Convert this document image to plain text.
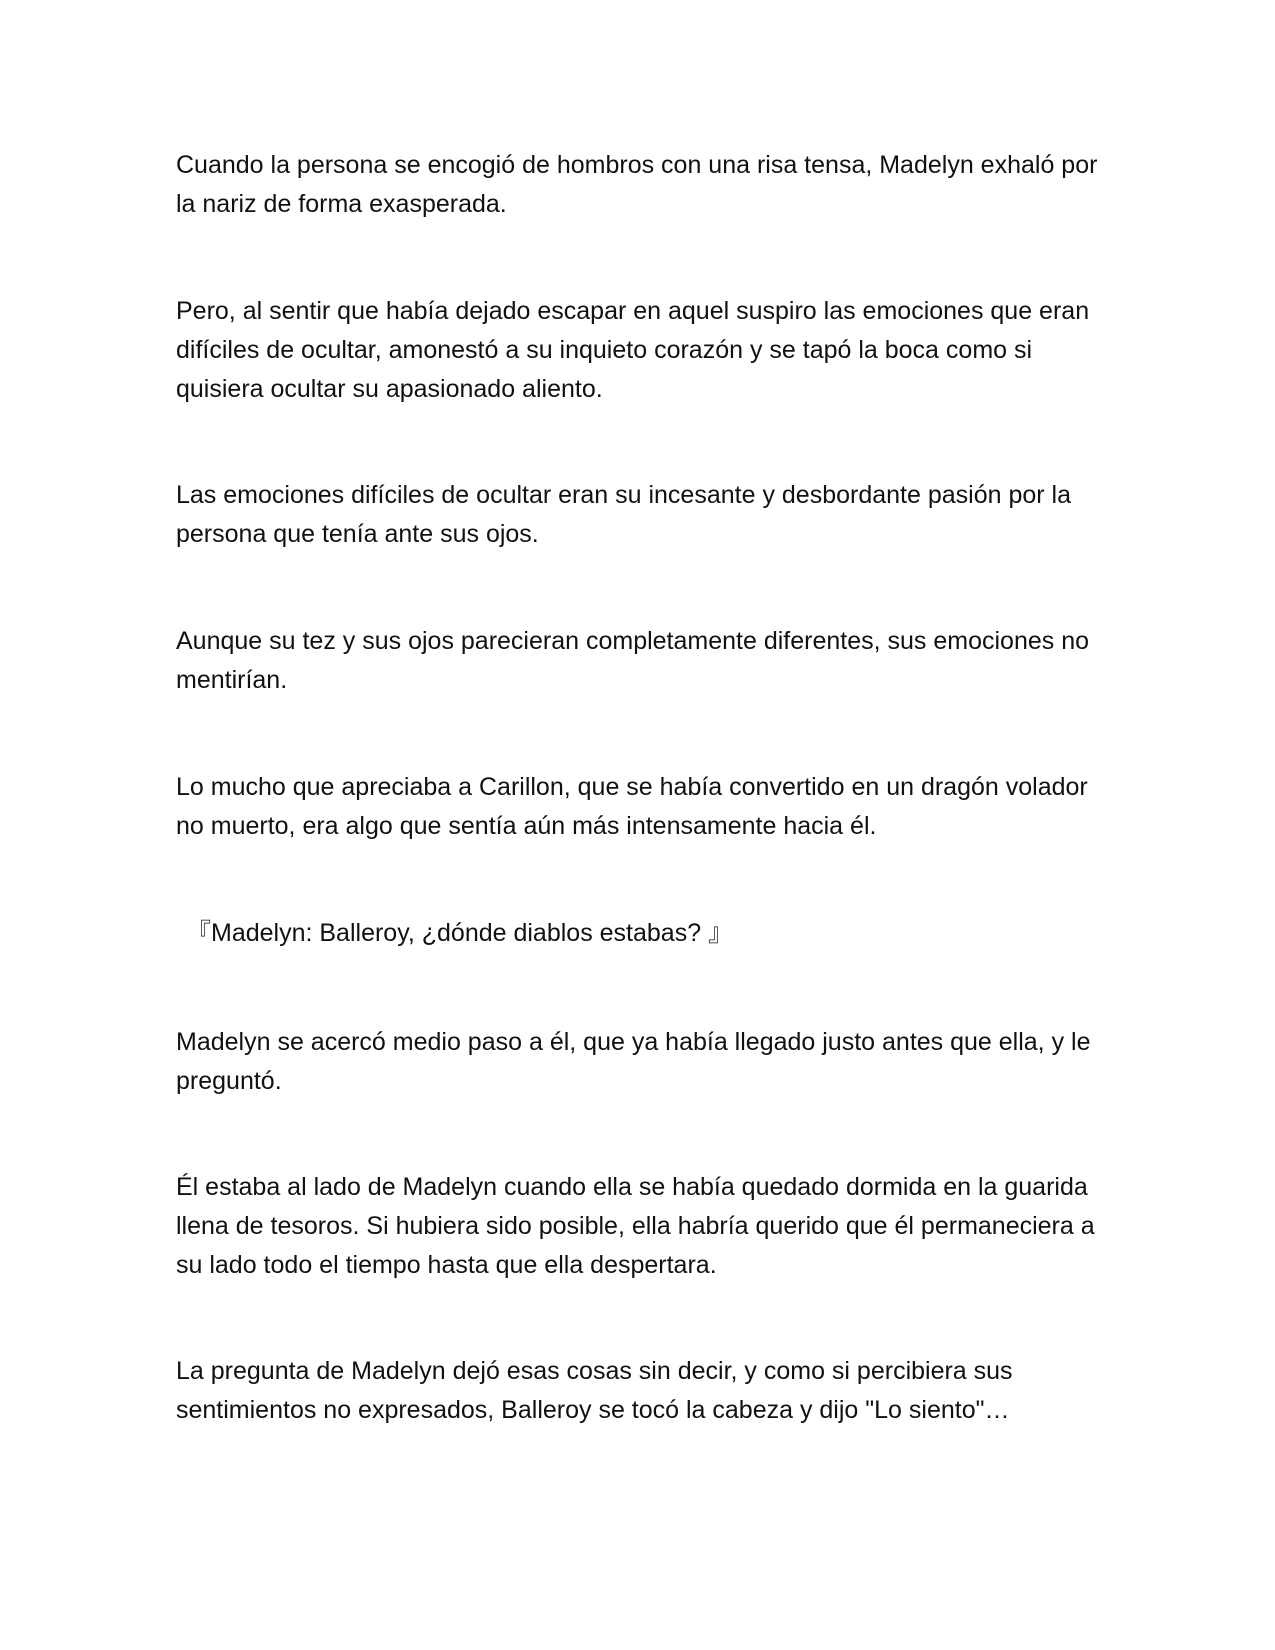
Cuando la persona se encogió de hombros con una risa tensa, Madelyn exhaló por la nariz de forma exasperada.

Pero, al sentir que había dejado escapar en aquel suspiro las emociones que eran difíciles de ocultar, amonestó a su inquieto corazón y se tapó la boca como si quisiera ocultar su apasionado aliento.

Las emociones difíciles de ocultar eran su incesante y desbordante pasión por la persona que tenía ante sus ojos.

Aunque su tez y sus ojos parecieran completamente diferentes, sus emociones no mentirían.

Lo mucho que apreciaba a Carillon, que se había convertido en un dragón volador no muerto, era algo que sentía aún más intensamente hacia él.

『Madelyn: Balleroy, ¿dónde diablos estabas? 』

Madelyn se acercó medio paso a él, que ya había llegado justo antes que ella, y le preguntó.

Él estaba al lado de Madelyn cuando ella se había quedado dormida en la guarida llena de tesoros. Si hubiera sido posible, ella habría querido que él permaneciera a su lado todo el tiempo hasta que ella despertara.

La pregunta de Madelyn dejó esas cosas sin decir, y como si percibiera sus sentimientos no expresados, Balleroy se tocó la cabeza y dijo "Lo siento"…
